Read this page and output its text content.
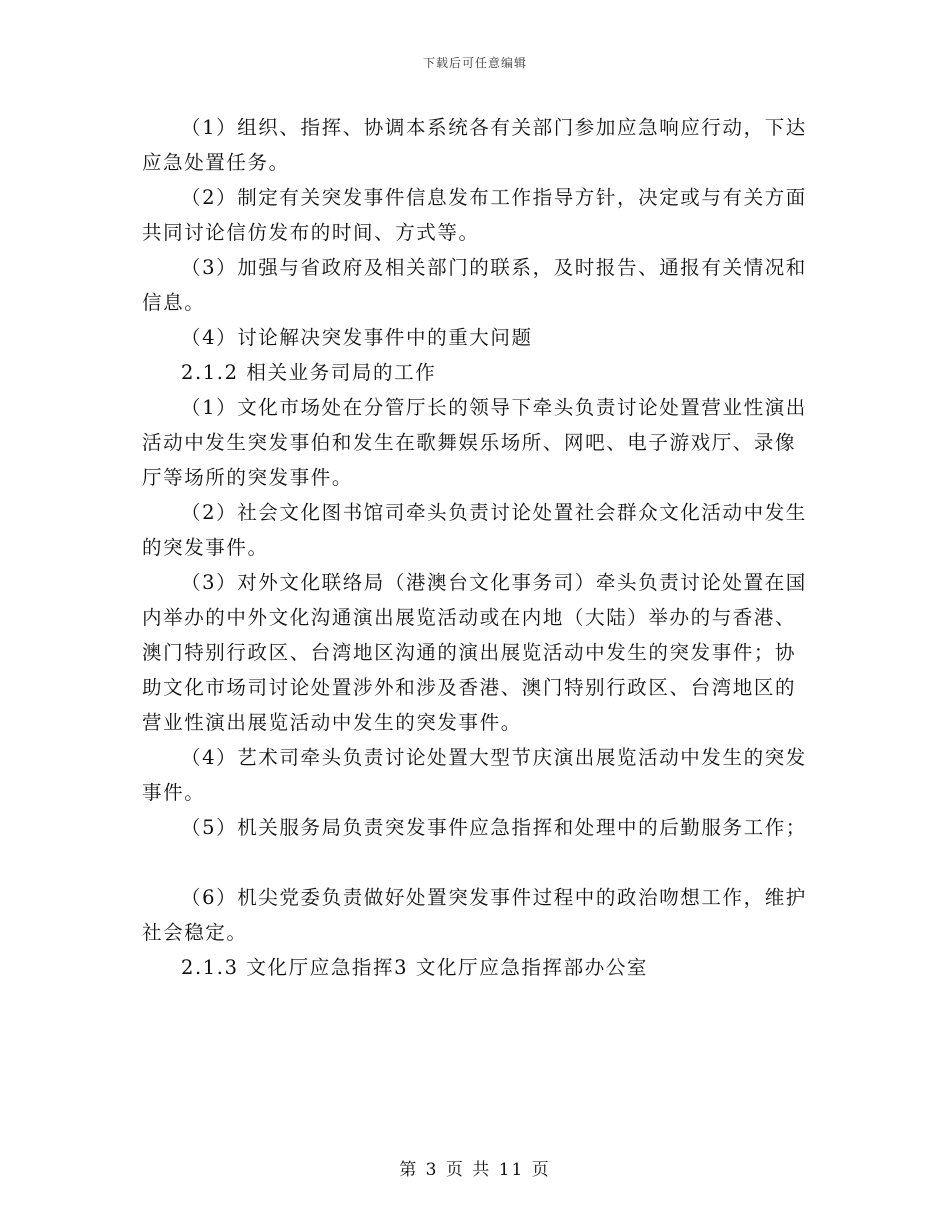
下载后可任意编辑

（1）组织、指挥、协调本系统各有关部门参加应急响应行动，下达应急处置任务。

（2）制定有关突发事件信息发布工作指导方针，决定或与有关方面共同讨论信仿发布的时间、方式等。

（3）加强与省政府及相关部门的联系，及时报告、通报有关情况和信息。

（4）讨论解决突发事件中的重大问题

2.1.2 相关业务司局的工作

（1）文化市场处在分管厅长的领导下牵头负责讨论处置营业性演出活动中发生突发事伯和发生在歌舞娱乐场所、网吧、电子游戏厅、录像厅等场所的突发事件。

（2）社会文化图书馆司牵头负责讨论处置社会群众文化活动中发生的突发事件。

（3）对外文化联络局（港澳台文化事务司）牵头负责讨论处置在国内举办的中外文化沟通演出展览活动或在内地（大陆）举办的与香港、澳门特别行政区、台湾地区沟通的演出展览活动中发生的突发事件；协助文化市场司讨论处置涉外和涉及香港、澳门特别行政区、台湾地区的营业性演出展览活动中发生的突发事件。

（4）艺术司牵头负责讨论处置大型节庆演出展览活动中发生的突发事件。

（5）机关服务局负责突发事件应急指挥和处理中的后勤服务工作；

（6）机尖党委负责做好处置突发事件过程中的政治吻想工作，维护社会稳定。

2.1.3 文化厅应急指挥3 文化厅应急指挥部办公室

第 3 页 共 11 页
